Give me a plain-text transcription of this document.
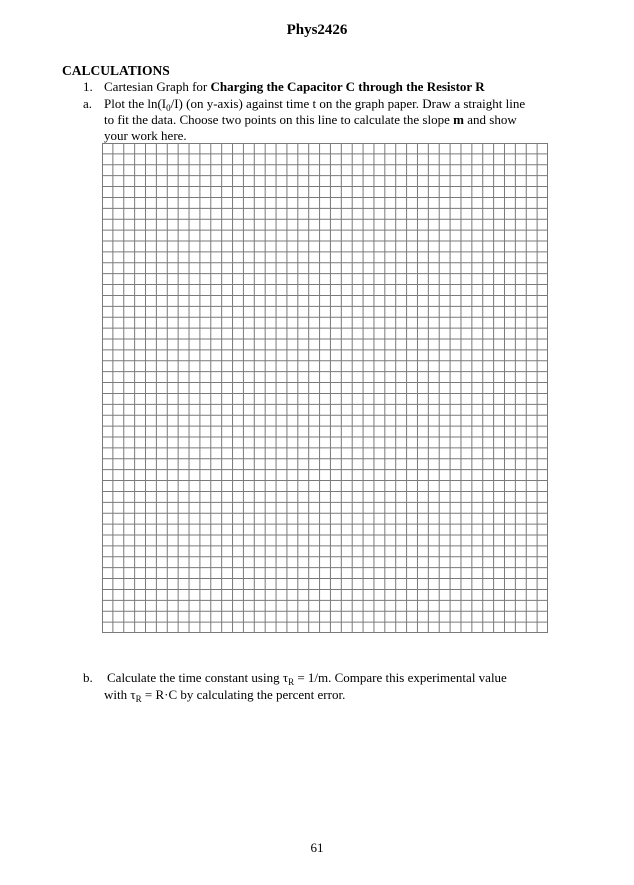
Phys2426
CALCULATIONS
1. Cartesian Graph for Charging the Capacitor C through the Resistor R
a. Plot the $\ln(I_0/I)$ (on y-axis) against time t on the graph paper. Draw a straight line
to fit the data. Choose two points on this line to calculate the slope m and show
your work here.
b. Calculate the time constant using $\tau_R = 1/m$. Compare this experimental value
with $\tau_R = R\cdot C$ by calculating the percent error.
61
